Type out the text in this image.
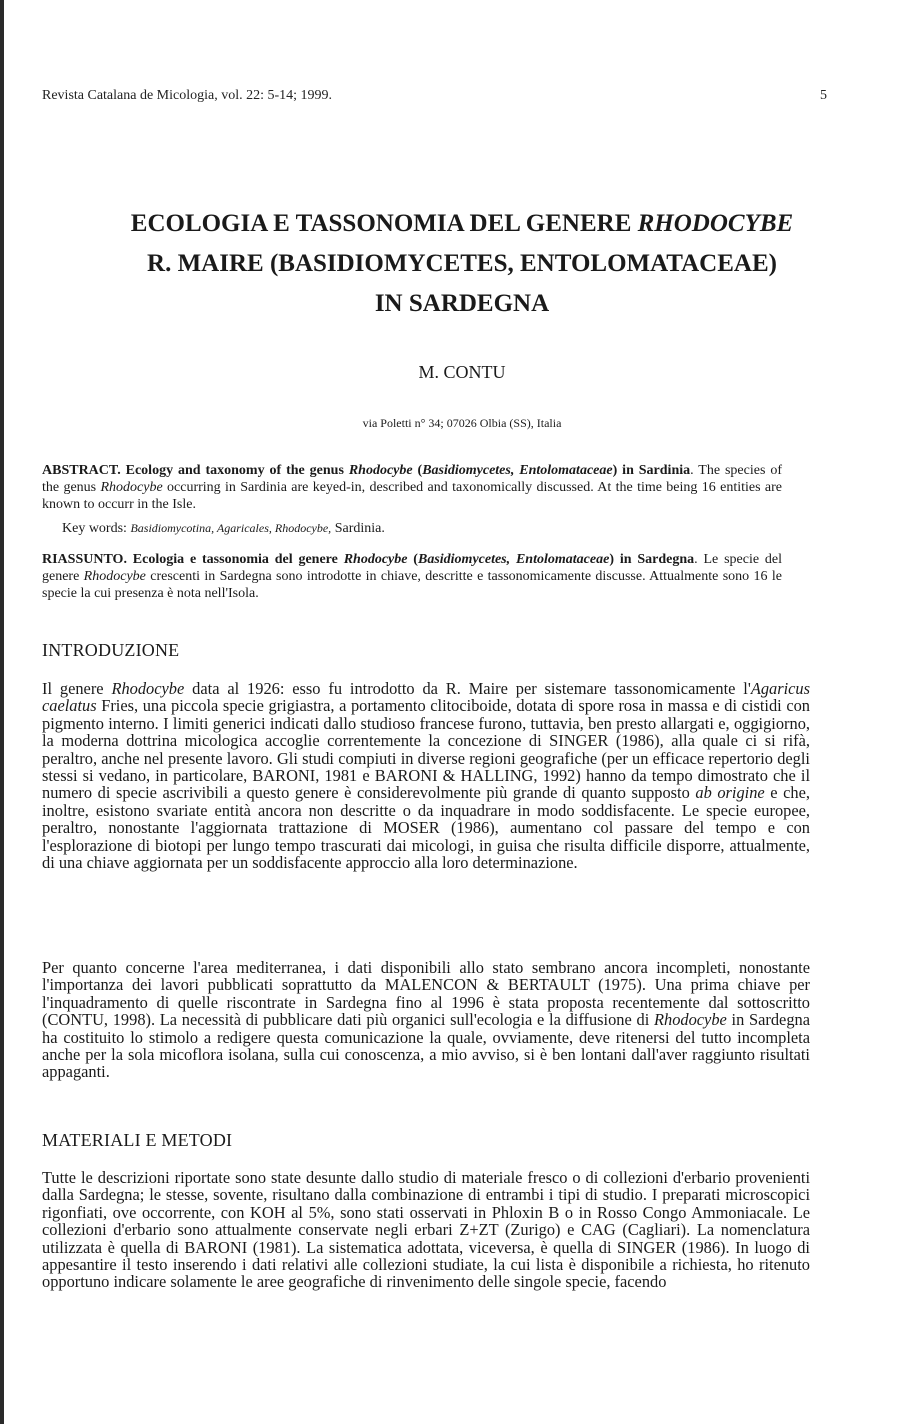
Revista Catalana de Micologia, vol. 22: 5-14; 1999.	5
ECOLOGIA E TASSONOMIA DEL GENERE RHODOCYBE
R. MAIRE (BASIDIOMYCETES, ENTOLOMATACEAE)
IN SARDEGNA
M. CONTU
via Poletti n° 34; 07026 Olbia (SS), Italia
ABSTRACT. Ecology and taxonomy of the genus Rhodocybe (Basidiomycetes, Entolomataceae) in Sardinia. The species of the genus Rhodocybe occurring in Sardinia are keyed-in, described and taxonomically discussed. At the time being 16 entities are known to occurr in the Isle.
Key words: Basidiomycotina, Agaricales, Rhodocybe, Sardinia.
RIASSUNTO. Ecologia e tassonomia del genere Rhodocybe (Basidiomycetes, Entolomataceae) in Sardegna. Le specie del genere Rhodocybe crescenti in Sardegna sono introdotte in chiave, descritte e tassonomicamente discusse. Attualmente sono 16 le specie la cui presenza è nota nell'Isola.
INTRODUZIONE

Il genere Rhodocybe data al 1926: esso fu introdotto da R. Maire per sistemare tassonomicamente l'Agaricus caelatus Fries, una piccola specie grigiastra, a portamento clitociboide, dotata di spore rosa in massa e di cistidi con pigmento interno. I limiti generici indicati dallo studioso francese furono, tuttavia, ben presto allargati e, oggigiorno, la moderna dottrina micologica accoglie correntemente la concezione di SINGER (1986), alla quale ci si rifà, peraltro, anche nel presente lavoro. Gli studi compiuti in diverse regioni geografiche (per un efficace repertorio degli stessi si vedano, in particolare, BARONI, 1981 e BARONI & HALLING, 1992) hanno da tempo dimostrato che il numero di specie ascrivibili a questo genere è considerevolmente più grande di quanto supposto ab origine e che, inoltre, esistono svariate entità ancora non descritte o da inquadrare in modo soddisfacente. Le specie europee, peraltro, nonostante l'aggiornata trattazione di MOSER (1986), aumentano col passare del tempo e con l'esplorazione di biotopi per lungo tempo trascurati dai micologi, in guisa che risulta difficile disporre, attualmente, di una chiave aggiornata per un soddisfacente approccio alla loro determinazione.

Per quanto concerne l'area mediterranea, i dati disponibili allo stato sembrano ancora incompleti, nonostante l'importanza dei lavori pubblicati soprattutto da MALENCON & BERTAULT (1975). Una prima chiave per l'inquadramento di quelle riscontrate in Sardegna fino al 1996 è stata proposta recentemente dal sottoscritto (CONTU, 1998). La necessità di pubblicare dati più organici sull'ecologia e la diffusione di Rhodocybe in Sardegna ha costituito lo stimolo a redigere questa comunicazione la quale, ovviamente, deve ritenersi del tutto incompleta anche per la sola micoflora isolana, sulla cui conoscenza, a mio avviso, si è ben lontani dall'aver raggiunto risultati appaganti.

MATERIALI E METODI

Tutte le descrizioni riportate sono state desunte dallo studio di materiale fresco o di collezioni d'erbario provenienti dalla Sardegna; le stesse, sovente, risultano dalla combinazione di entrambi i tipi di studio. I preparati microscopici rigonfiati, ove occorrente, con KOH al 5%, sono stati osservati in Phloxin B o in Rosso Congo Ammoniacale. Le collezioni d'erbario sono attualmente conservate negli erbari Z+ZT (Zurigo) e CAG (Cagliari). La nomenclatura utilizzata è quella di BARONI (1981). La sistematica adottata, viceversa, è quella di SINGER (1986). In luogo di appesantire il testo inserendo i dati relativi alle collezioni studiate, la cui lista è disponibile a richiesta, ho ritenuto opportuno indicare solamente le aree geografiche di rinvenimento delle singole specie, facendo
